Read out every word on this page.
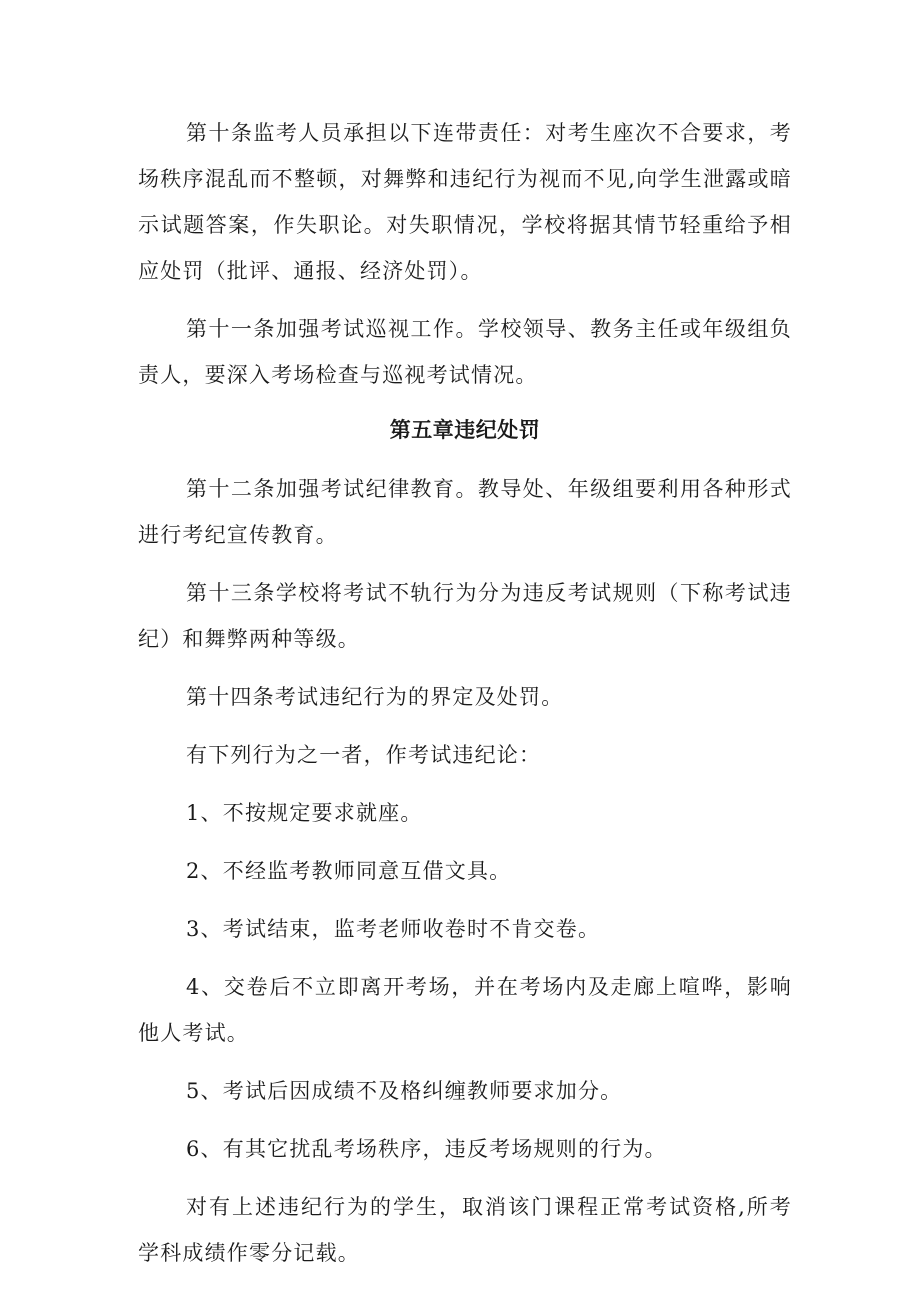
第十条监考人员承担以下连带责任：对考生座次不合要求，考场秩序混乱而不整顿，对舞弊和违纪行为视而不见,向学生泄露或暗示试题答案，作失职论。对失职情况，学校将据其情节轻重给予相应处罚（批评、通报、经济处罚）。

第十一条加强考试巡视工作。学校领导、教务主任或年级组负责人，要深入考场检查与巡视考试情况。

第五章违纪处罚

第十二条加强考试纪律教育。教导处、年级组要利用各种形式进行考纪宣传教育。

第十三条学校将考试不轨行为分为违反考试规则（下称考试违纪）和舞弊两种等级。

第十四条考试违纪行为的界定及处罚。

有下列行为之一者，作考试违纪论：

1、不按规定要求就座。

2、不经监考教师同意互借文具。

3、考试结束，监考老师收卷时不肯交卷。

4、交卷后不立即离开考场，并在考场内及走廊上喧哗，影响他人考试。

5、考试后因成绩不及格纠缠教师要求加分。

6、有其它扰乱考场秩序，违反考场规则的行为。

对有上述违纪行为的学生，取消该门课程正常考试资格,所考学科成绩作零分记载。
